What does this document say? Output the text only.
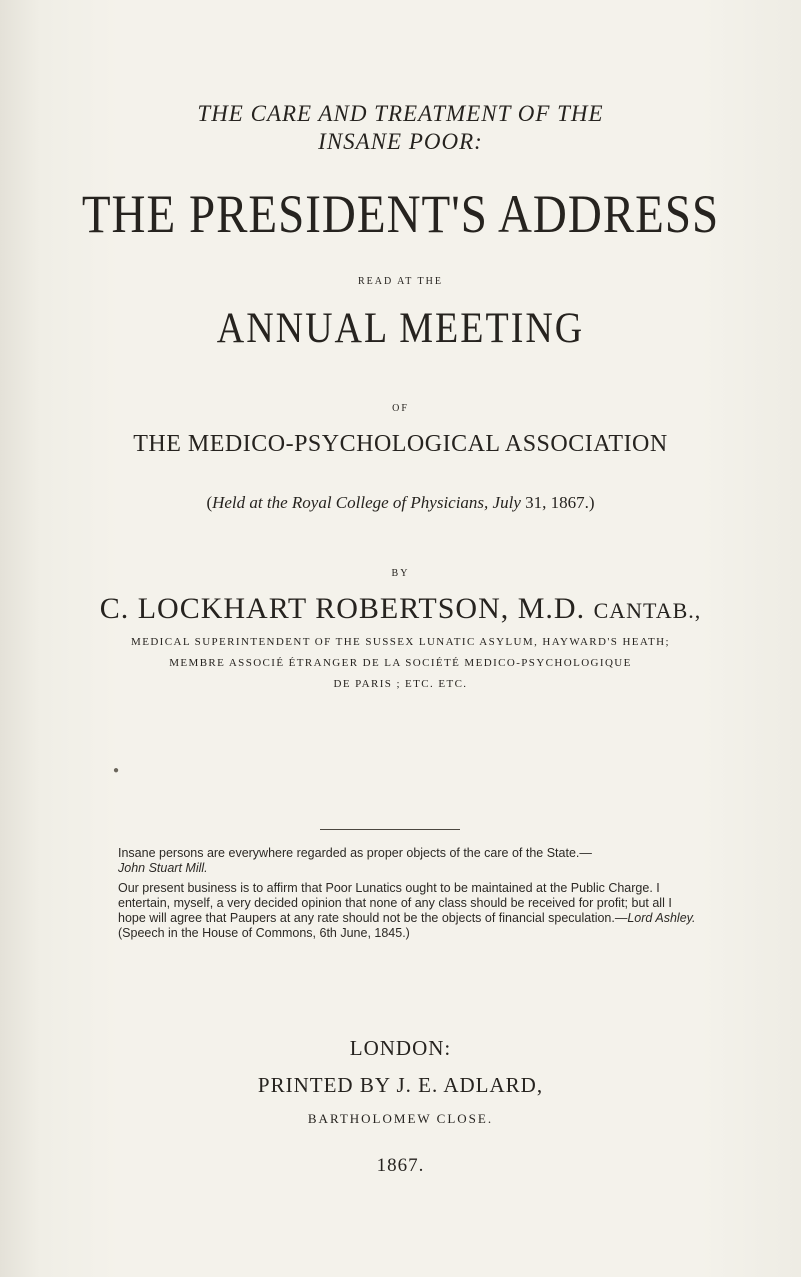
THE CARE AND TREATMENT OF THE
INSANE POOR:
THE PRESIDENT'S ADDRESS
READ AT THE
ANNUAL MEETING
OF
THE MEDICO-PSYCHOLOGICAL ASSOCIATION
(Held at the Royal College of Physicians, July 31, 1867.)
BY
C. LOCKHART ROBERTSON, M.D. CANTAB.,
MEDICAL SUPERINTENDENT OF THE SUSSEX LUNATIC ASYLUM, HAYWARD'S HEATH;
MEMBRE ASSOCIÉ ÉTRANGER DE LA SOCIÉTÉ MEDICO-PSYCHOLOGIQUE
DE PARIS ; ETC. ETC.
●

Insane persons are everywhere regarded as proper objects of the care of the State.—
John Stuart Mill.

Our present business is to affirm that Poor Lunatics ought to be maintained at the Public Charge. I entertain, myself, a very decided opinion that none of any class should be received for profit; but all I hope will agree that Paupers at any rate should not be the objects of financial speculation.—Lord Ashley. (Speech in the House of Commons, 6th June, 1845.)

LONDON:
PRINTED BY J. E. ADLARD,
BARTHOLOMEW CLOSE.
1867.
